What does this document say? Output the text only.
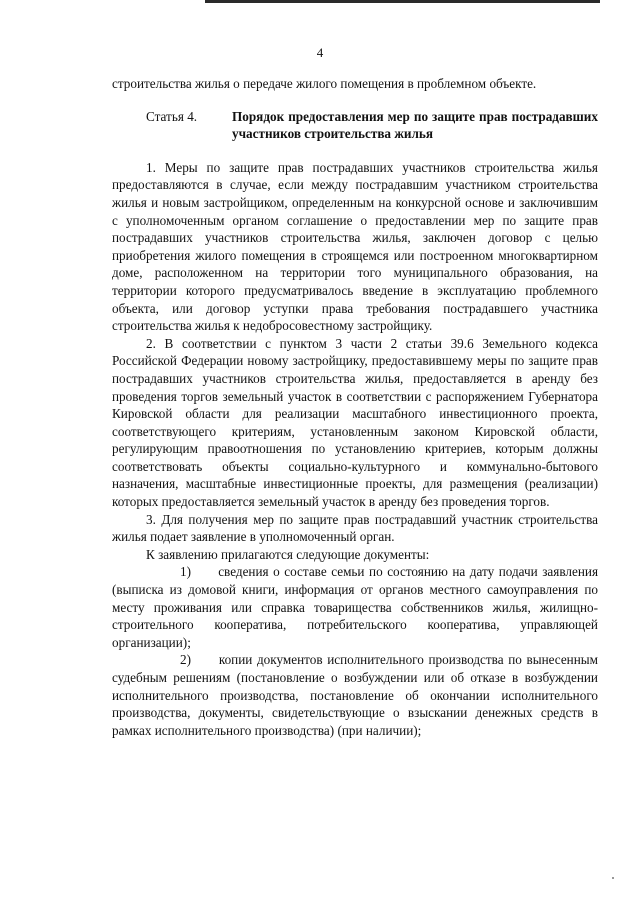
4

строительства жилья о передаче жилого помещения в проблемном объекте.

Статья 4.	Порядок предоставления мер по защите прав пострадавших участников строительства жилья

1. Меры по защите прав пострадавших участников строительства жилья предоставляются в случае, если между пострадавшим участником строительства жилья и новым застройщиком, определенным на конкурсной основе и заключившим с уполномоченным органом соглашение о предоставлении мер по защите прав пострадавших участников строительства жилья, заключен договор с целью приобретения жилого помещения в строящемся или построенном многоквартирном доме, расположенном на территории того муниципального образования, на территории которого предусматривалось введение в эксплуатацию проблемного объекта, или договор уступки права требования пострадавшего участника строительства жилья к недобросовестному застройщику.

2. В соответствии с пунктом 3 части 2 статьи 39.6 Земельного кодекса Российской Федерации новому застройщику, предоставившему меры по защите прав пострадавших участников строительства жилья, предоставляется в аренду без проведения торгов земельный участок в соответствии с распоряжением Губернатора Кировской области для реализации масштабного инвестиционного проекта, соответствующего критериям, установленным законом Кировской области, регулирующим правоотношения по установлению критериев, которым должны соответствовать объекты социально-культурного и коммунально-бытового назначения, масштабные инвестиционные проекты, для размещения (реализации) которых предоставляется земельный участок в аренду без проведения торгов.

3. Для получения мер по защите прав пострадавший участник строительства жилья подает заявление в уполномоченный орган.

К заявлению прилагаются следующие документы:

1) сведения о составе семьи по состоянию на дату подачи заявления (выписка из домовой книги, информация от органов местного самоуправления по месту проживания или справка товарищества собственников жилья, жилищно-строительного кооператива, потребительского кооператива, управляющей организации);

2) копии документов исполнительного производства по вынесенным судебным решениям (постановление о возбуждении или об отказе в возбуждении исполнительного производства, постановление об окончании исполнительного производства, документы, свидетельствующие о взыскании денежных средств в рамках исполнительного производства) (при наличии);
